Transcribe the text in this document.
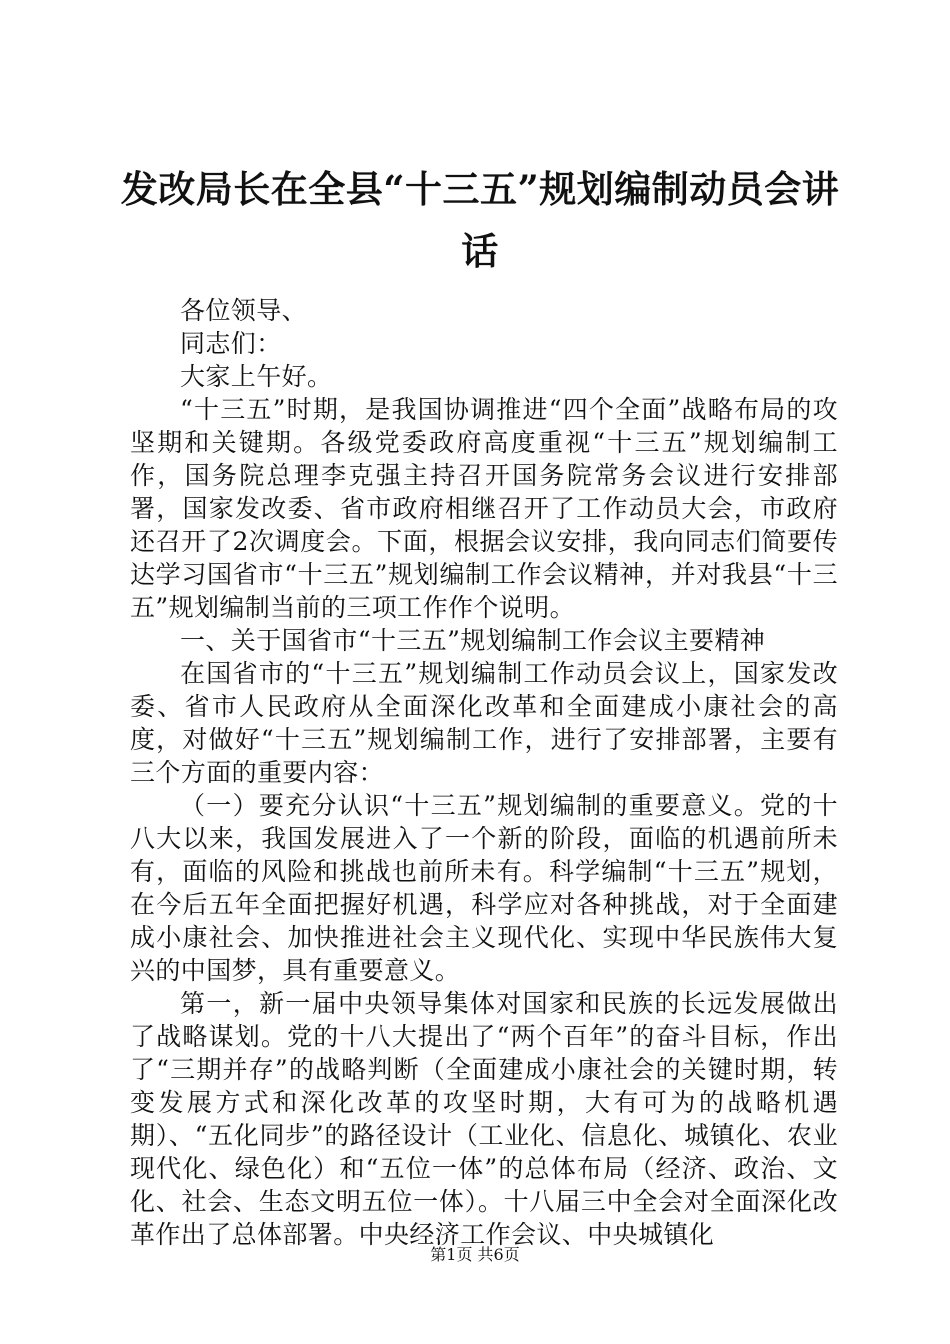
发改局长在全县“十三五”规划编制动员会讲话

各位领导、

同志们：

大家上午好。

“十三五”时期，是我国协调推进“四个全面”战略布局的攻坚期和关键期。各级党委政府高度重视“十三五”规划编制工作，国务院总理李克强主持召开国务院常务会议进行安排部署，国家发改委、省市政府相继召开了工作动员大会，市政府还召开了2次调度会。下面，根据会议安排，我向同志们简要传达学习国省市“十三五”规划编制工作会议精神，并对我县“十三五”规划编制当前的三项工作作个说明。

一、关于国省市“十三五”规划编制工作会议主要精神

在国省市的“十三五”规划编制工作动员会议上，国家发改委、省市人民政府从全面深化改革和全面建成小康社会的高度，对做好“十三五”规划编制工作，进行了安排部署，主要有三个方面的重要内容：

（一）要充分认识“十三五”规划编制的重要意义。党的十八大以来，我国发展进入了一个新的阶段，面临的机遇前所未有，面临的风险和挑战也前所未有。科学编制“十三五”规划，在今后五年全面把握好机遇，科学应对各种挑战，对于全面建成小康社会、加快推进社会主义现代化、实现中华民族伟大复兴的中国梦，具有重要意义。

第一，新一届中央领导集体对国家和民族的长远发展做出了战略谋划。党的十八大提出了“两个百年”的奋斗目标，作出了“三期并存”的战略判断（全面建成小康社会的关键时期，转变发展方式和深化改革的攻坚时期，大有可为的战略机遇期）、“五化同步”的路径设计（工业化、信息化、城镇化、农业现代化、绿色化）和“五位一体”的总体布局（经济、政治、文化、社会、生态文明五位一体）。十八届三中全会对全面深化改革作出了总体部署。中央经济工作会议、中央城镇化

第1页 共6页
